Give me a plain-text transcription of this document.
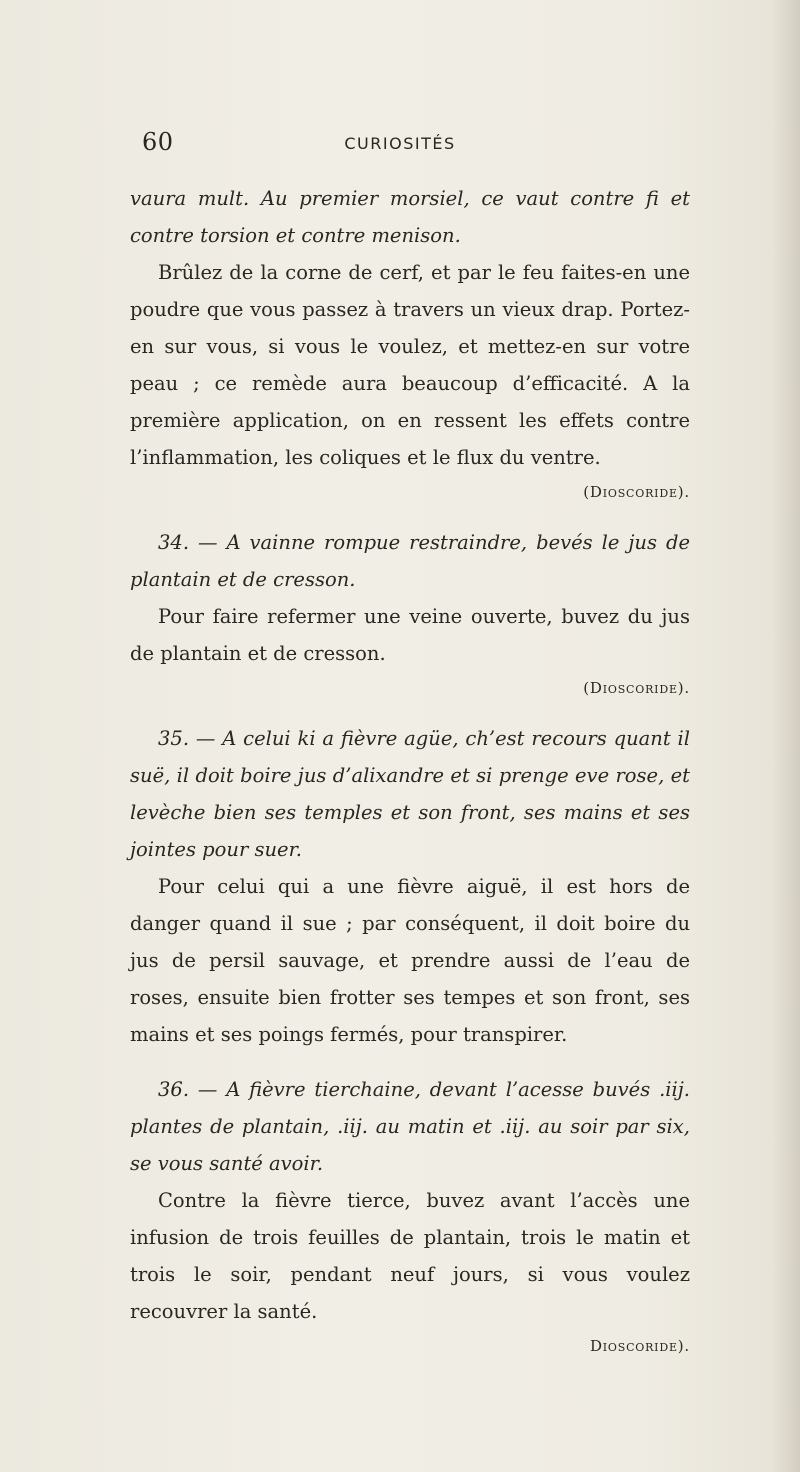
60	CURIOSITÉS

vaura mult. Au premier morsiel, ce vaut contre fi et contre torsion et contre menison.

Brûlez de la corne de cerf, et par le feu faites-en une poudre que vous passez à travers un vieux drap. Portez-en sur vous, si vous le voulez, et mettez-en sur votre peau ; ce remède aura beaucoup d’efficacité. A la première application, on en ressent les effets contre l’inflammation, les coliques et le flux du ventre.

(Dioscoride).

34. — A vainne rompue restraindre, bevés le jus de plantain et de cresson.

Pour faire refermer une veine ouverte, buvez du jus de plantain et de cresson.

(Dioscoride).

35. — A celui ki a fièvre agüe, ch’est recours quant il suë, il doit boire jus d’alixandre et si prenge eve rose, et levèche bien ses temples et son front, ses mains et ses jointes pour suer.

Pour celui qui a une fièvre aiguë, il est hors de danger quand il sue ; par conséquent, il doit boire du jus de persil sauvage, et prendre aussi de l’eau de roses, ensuite bien frotter ses tempes et son front, ses mains et ses poings fermés, pour transpirer.

36. — A fièvre tierchaine, devant l’acesse buvés .iij. plantes de plantain, .iij. au matin et .iij. au soir par six, se vous santé avoir.

Contre la fièvre tierce, buvez avant l’accès une infusion de trois feuilles de plantain, trois le matin et trois le soir, pendant neuf jours, si vous voulez recouvrer la santé.

Dioscoride).
